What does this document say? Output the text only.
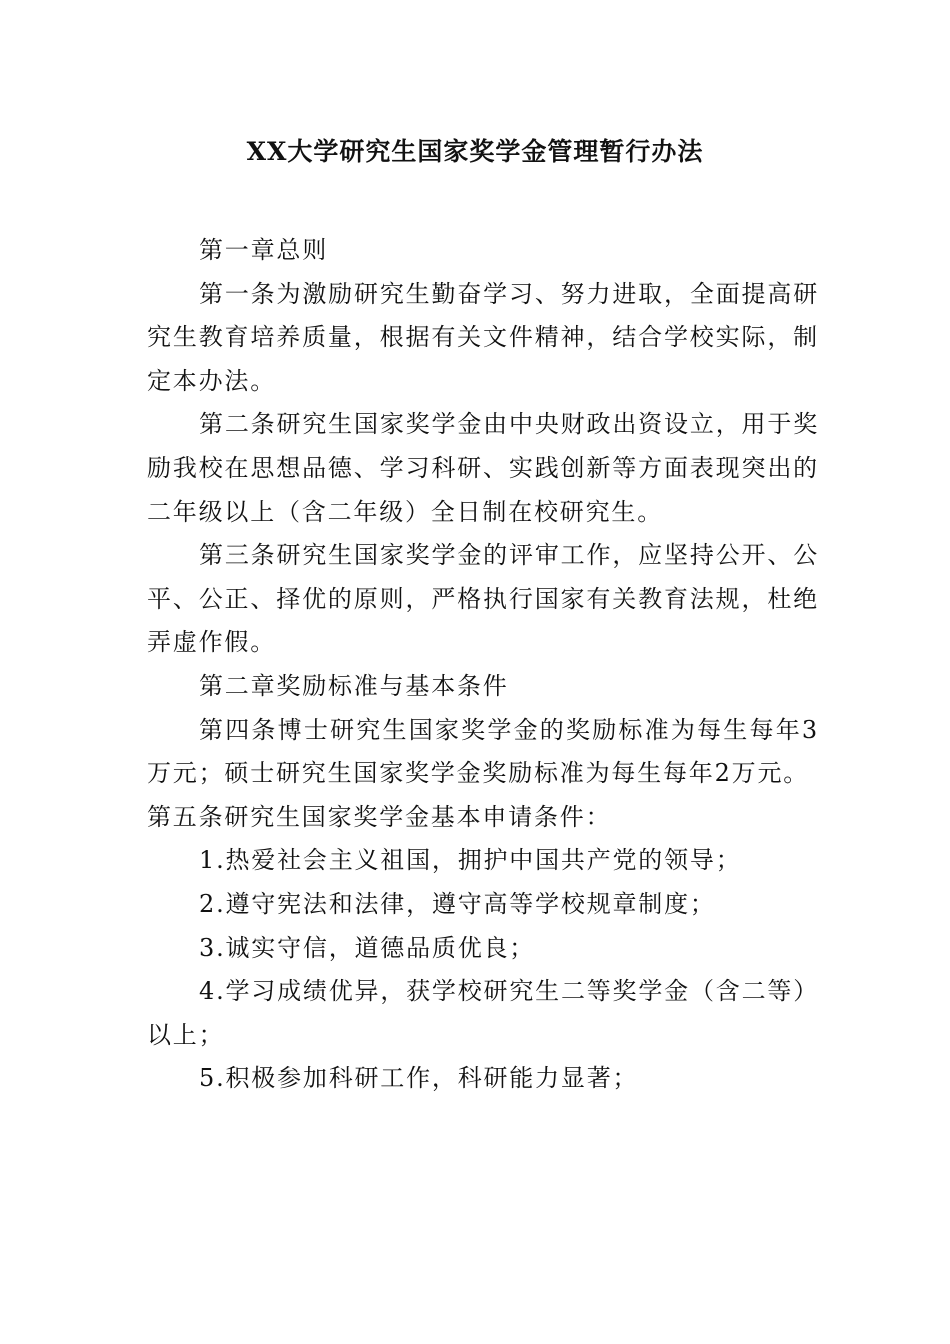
XX大学研究生国家奖学金管理暂行办法

第一章总则

第一条为激励研究生勤奋学习、努力进取，全面提高研究生教育培养质量，根据有关文件精神，结合学校实际，制定本办法。

第二条研究生国家奖学金由中央财政出资设立，用于奖励我校在思想品德、学习科研、实践创新等方面表现突出的二年级以上（含二年级）全日制在校研究生。

第三条研究生国家奖学金的评审工作，应坚持公开、公平、公正、择优的原则，严格执行国家有关教育法规，杜绝弄虚作假。

第二章奖励标准与基本条件

第四条博士研究生国家奖学金的奖励标准为每生每年3万元；硕士研究生国家奖学金奖励标准为每生每年2万元。

第五条研究生国家奖学金基本申请条件：

1.热爱社会主义祖国，拥护中国共产党的领导；

2.遵守宪法和法律，遵守高等学校规章制度；

3.诚实守信，道德品质优良；

4.学习成绩优异，获学校研究生二等奖学金（含二等）以上；

5.积极参加科研工作，科研能力显著；
